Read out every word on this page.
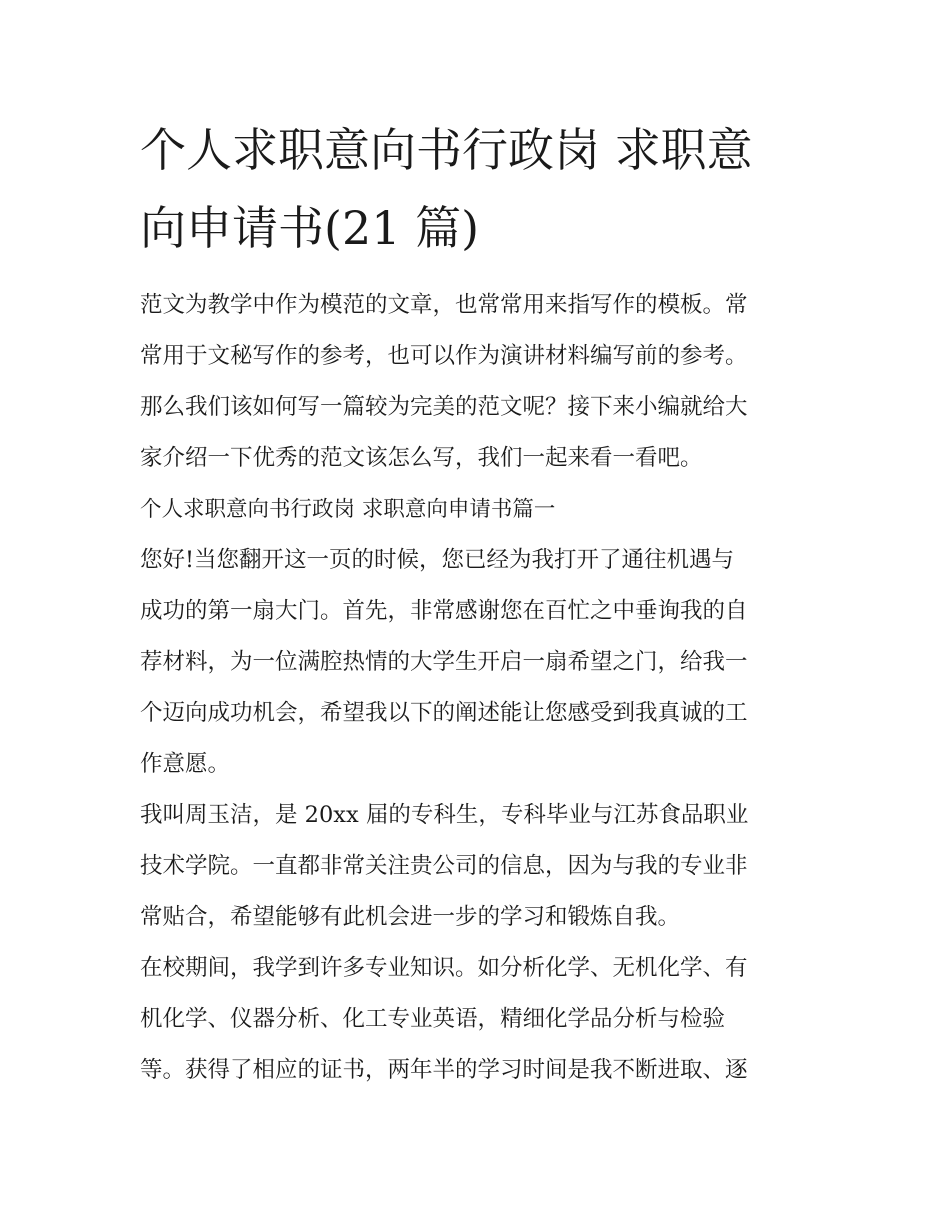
个人求职意向书行政岗 求职意
向申请书(21 篇)
范文为教学中作为模范的文章，也常常用来指写作的模板。常
常用于文秘写作的参考，也可以作为演讲材料编写前的参考。
那么我们该如何写一篇较为完美的范文呢？接下来小编就给大
家介绍一下优秀的范文该怎么写，我们一起来看一看吧。
个人求职意向书行政岗 求职意向申请书篇一
您好!当您翻开这一页的时候，您已经为我打开了通往机遇与
成功的第一扇大门。首先，非常感谢您在百忙之中垂询我的自
荐材料，为一位满腔热情的大学生开启一扇希望之门，给我一
个迈向成功机会，希望我以下的阐述能让您感受到我真诚的工
作意愿。
我叫周玉洁，是 20xx 届的专科生，专科毕业与江苏食品职业
技术学院。一直都非常关注贵公司的信息，因为与我的专业非
常贴合，希望能够有此机会进一步的学习和锻炼自我。
在校期间，我学到许多专业知识。如分析化学、无机化学、有
机化学、仪器分析、化工专业英语，精细化学品分析与检验
等。获得了相应的证书，两年半的学习时间是我不断进取、逐
